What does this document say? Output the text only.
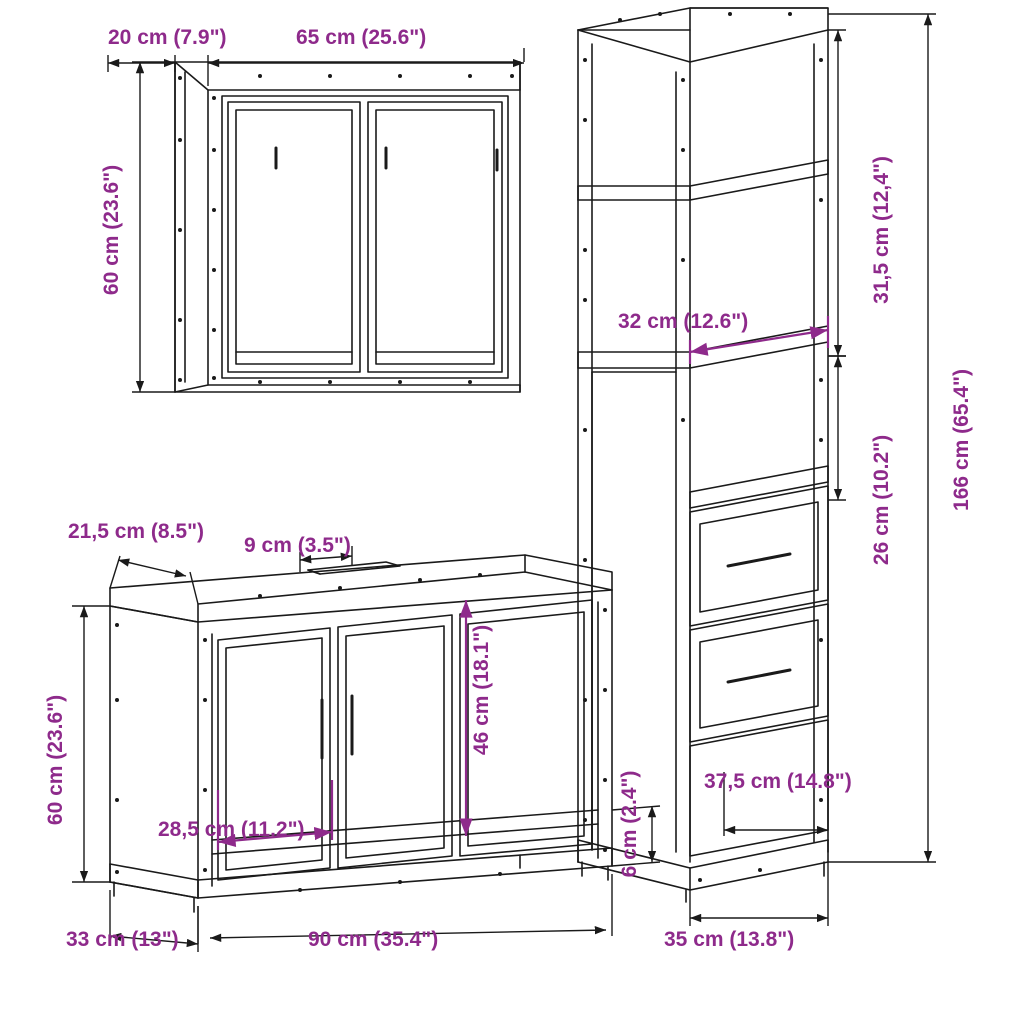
20 cm (7.9")	65 cm (25.6")
60 cm (23.6")	31,5 cm (12,4")
32 cm (12.6")
26 cm (10.2")	166 cm (65.4")
37,5 cm (14.8")
35 cm (13.8")
21,5 cm (8.5")
9 cm (3.5")
46 cm (18.1")
60 cm (23.6")
28,5 cm (11.2")	6 cm (2.4")
33 cm (13")	90 cm (35.4")
